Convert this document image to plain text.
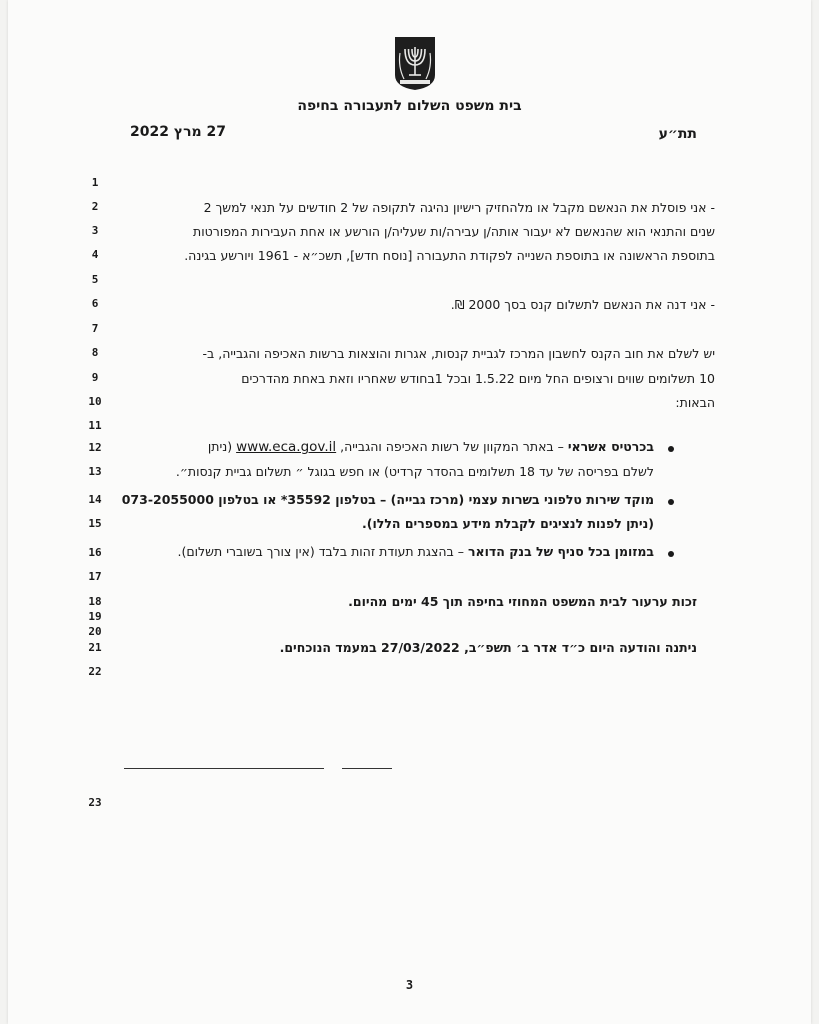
בית משפט השלום לתעבורה בחיפה
תת״ע
27 מרץ 2022
1
2
3
4
5
6
7
8
9
10
11
12
13
14
15
16
17
18
19
20
21
22
23
- אני פוסלת את הנאשם מקבל או מלהחזיק רישיון נהיגה לתקופה של 2 חודשים על תנאי למשך 2
שנים והתנאי הוא שהנאשם לא יעבור אותה/ן עבירה/ות שעליה/ן הורשע או אחת העבירות המפורטות
בתוספת הראשונה או בתוספת השנייה לפקודת התעבורה [נוסח חדש], תשכ״א - 1961 ויורשע בגינה.
- אני דנה את הנאשם לתשלום קנס בסך 2000 ₪.
יש לשלם את חוב הקנס לחשבון המרכז לגביית קנסות, אגרות והוצאות ברשות האכיפה והגבייה, ב-
10 תשלומים שווים ורצופים החל מיום 1.5.22 ובכל 1בחודש שאחריו וזאת באחת מהדרכים
הבאות:
בכרטיס אשראי – באתר המקוון של רשות האכיפה והגבייה, www.eca.gov.il (ניתן
לשלם בפריסה של עד 18 תשלומים בהסדר קרדיט) או חפש בגוגל ״ תשלום גביית קנסות״.
מוקד שירות טלפוני בשרות עצמי (מרכז גבייה) – בטלפון 35592* או בטלפון 073-2055000
(ניתן לפנות לנציגים לקבלת מידע במספרים הללו).
במזומן בכל סניף של בנק הדואר – בהצגת תעודת זהות בלבד (אין צורך בשוברי תשלום).
זכות ערעור לבית המשפט המחוזי בחיפה תוך 45 ימים מהיום.
ניתנה והודעה היום כ״ד אדר ב׳ תשפ״ב, 27/03/2022 במעמד הנוכחים.
3
